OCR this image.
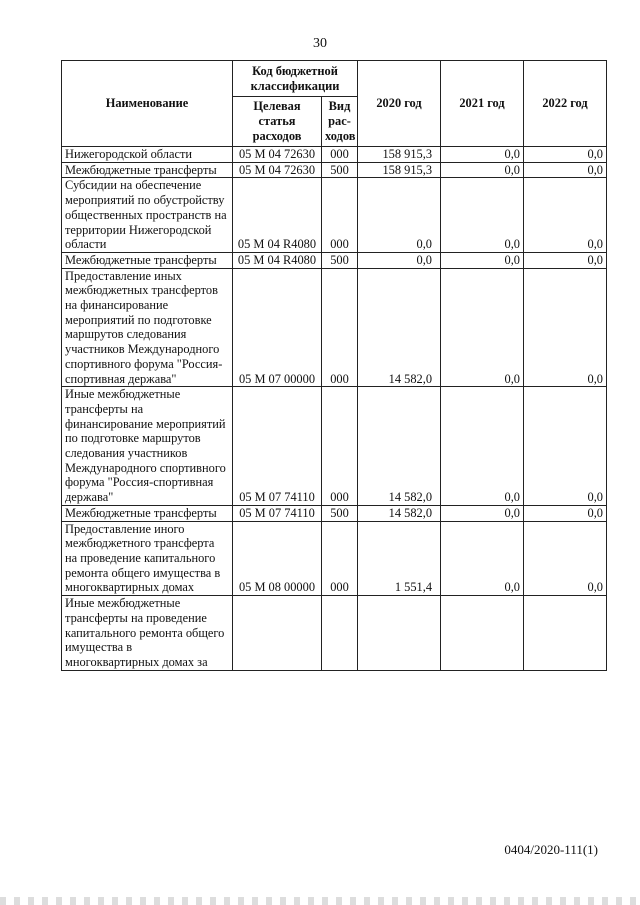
30
Наименование	Код бюджетной классификации		2020 год	2021 год	2022 год
	Целевая статья расходов	Вид рас-ходов			
Нижегородской области	05 М 04 72630	000	158 915,3	0,0	0,0
Межбюджетные трансферты	05 М 04 72630	500	158 915,3	0,0	0,0
Субсидии на обеспечение мероприятий по обустройству общественных пространств на территории Нижегородской области	05 М 04 R4080	000	0,0	0,0	0,0
Межбюджетные трансферты	05 М 04 R4080	500	0,0	0,0	0,0
Предоставление иных межбюджетных трансфертов на финансирование мероприятий по подготовке маршрутов следования участников Международного спортивного форума "Россия-спортивная держава"	05 М 07 00000	000	14 582,0	0,0	0,0
Иные межбюджетные трансферты на финансирование мероприятий по подготовке маршрутов следования участников Международного спортивного форума "Россия-спортивная держава"	05 М 07 74110	000	14 582,0	0,0	0,0
Межбюджетные трансферты	05 М 07 74110	500	14 582,0	0,0	0,0
Предоставление иного межбюджетного трансферта на проведение капитального ремонта общего имущества в многоквартирных домах	05 М 08 00000	000	1 551,4	0,0	0,0
Иные межбюджетные трансферты на проведение капитального ремонта общего имущества в многоквартирных домах за					
0404/2020-111(1)
